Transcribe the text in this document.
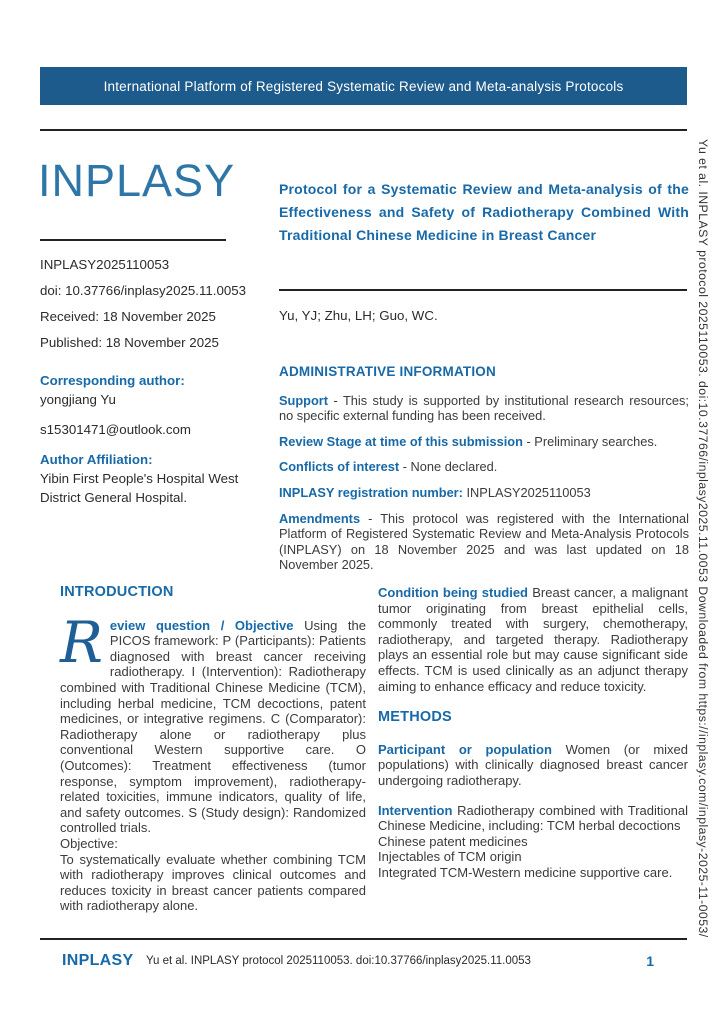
International Platform of Registered Systematic Review and Meta-analysis Protocols
INPLASY
INPLASY2025110053
doi: 10.37766/inplasy2025.11.0053
Received: 18 November 2025
Published: 18 November 2025
Protocol for a Systematic Review and Meta-analysis of the Effectiveness and Safety of Radiotherapy Combined With Traditional Chinese Medicine in Breast Cancer
Yu, YJ; Zhu, LH; Guo, WC.
Corresponding author:
yongjiang Yu
s15301471@outlook.com
Author Affiliation:
Yibin First People's Hospital West District General Hospital.
ADMINISTRATIVE INFORMATION

Support - This study is supported by institutional research resources; no specific external funding has been received.

Review Stage at time of this submission - Preliminary searches.

Conflicts of interest - None declared.

INPLASY registration number: INPLASY2025110053

Amendments - This protocol was registered with the International Platform of Registered Systematic Review and Meta-Analysis Protocols (INPLASY) on 18 November 2025 and was last updated on 18 November 2025.

INTRODUCTION
Review question / Objective Using the PICOS framework: P (Participants): Patients diagnosed with breast cancer receiving radiotherapy. I (Intervention): Radiotherapy combined with Traditional Chinese Medicine (TCM), including herbal medicine, TCM decoctions, patent medicines, or integrative regimens. C (Comparator): Radiotherapy alone or radiotherapy plus conventional Western supportive care. O (Outcomes): Treatment effectiveness (tumor response, symptom improvement), radiotherapy-related toxicities, immune indicators, quality of life, and safety outcomes. S (Study design): Randomized controlled trials.
Objective:
To systematically evaluate whether combining TCM with radiotherapy improves clinical outcomes and reduces toxicity in breast cancer patients compared with radiotherapy alone.
Condition being studied Breast cancer, a malignant tumor originating from breast epithelial cells, commonly treated with surgery, chemotherapy, radiotherapy, and targeted therapy. Radiotherapy plays an essential role but may cause significant side effects. TCM is used clinically as an adjunct therapy aiming to enhance efficacy and reduce toxicity.
METHODS
Participant or population Women (or mixed populations) with clinically diagnosed breast cancer undergoing radiotherapy.
Intervention Radiotherapy combined with Traditional Chinese Medicine, including: TCM herbal decoctions
Chinese patent medicines
Injectables of TCM origin
Integrated TCM-Western medicine supportive care.
INPLASY Yu et al. INPLASY protocol 2025110053. doi:10.37766/inplasy2025.11.0053	1
Yu et al. INPLASY protocol 2025110053. doi:10.37766/inplasy2025.11.0053 Downloaded from https://inplasy.com/inplasy-2025-11-0053/
